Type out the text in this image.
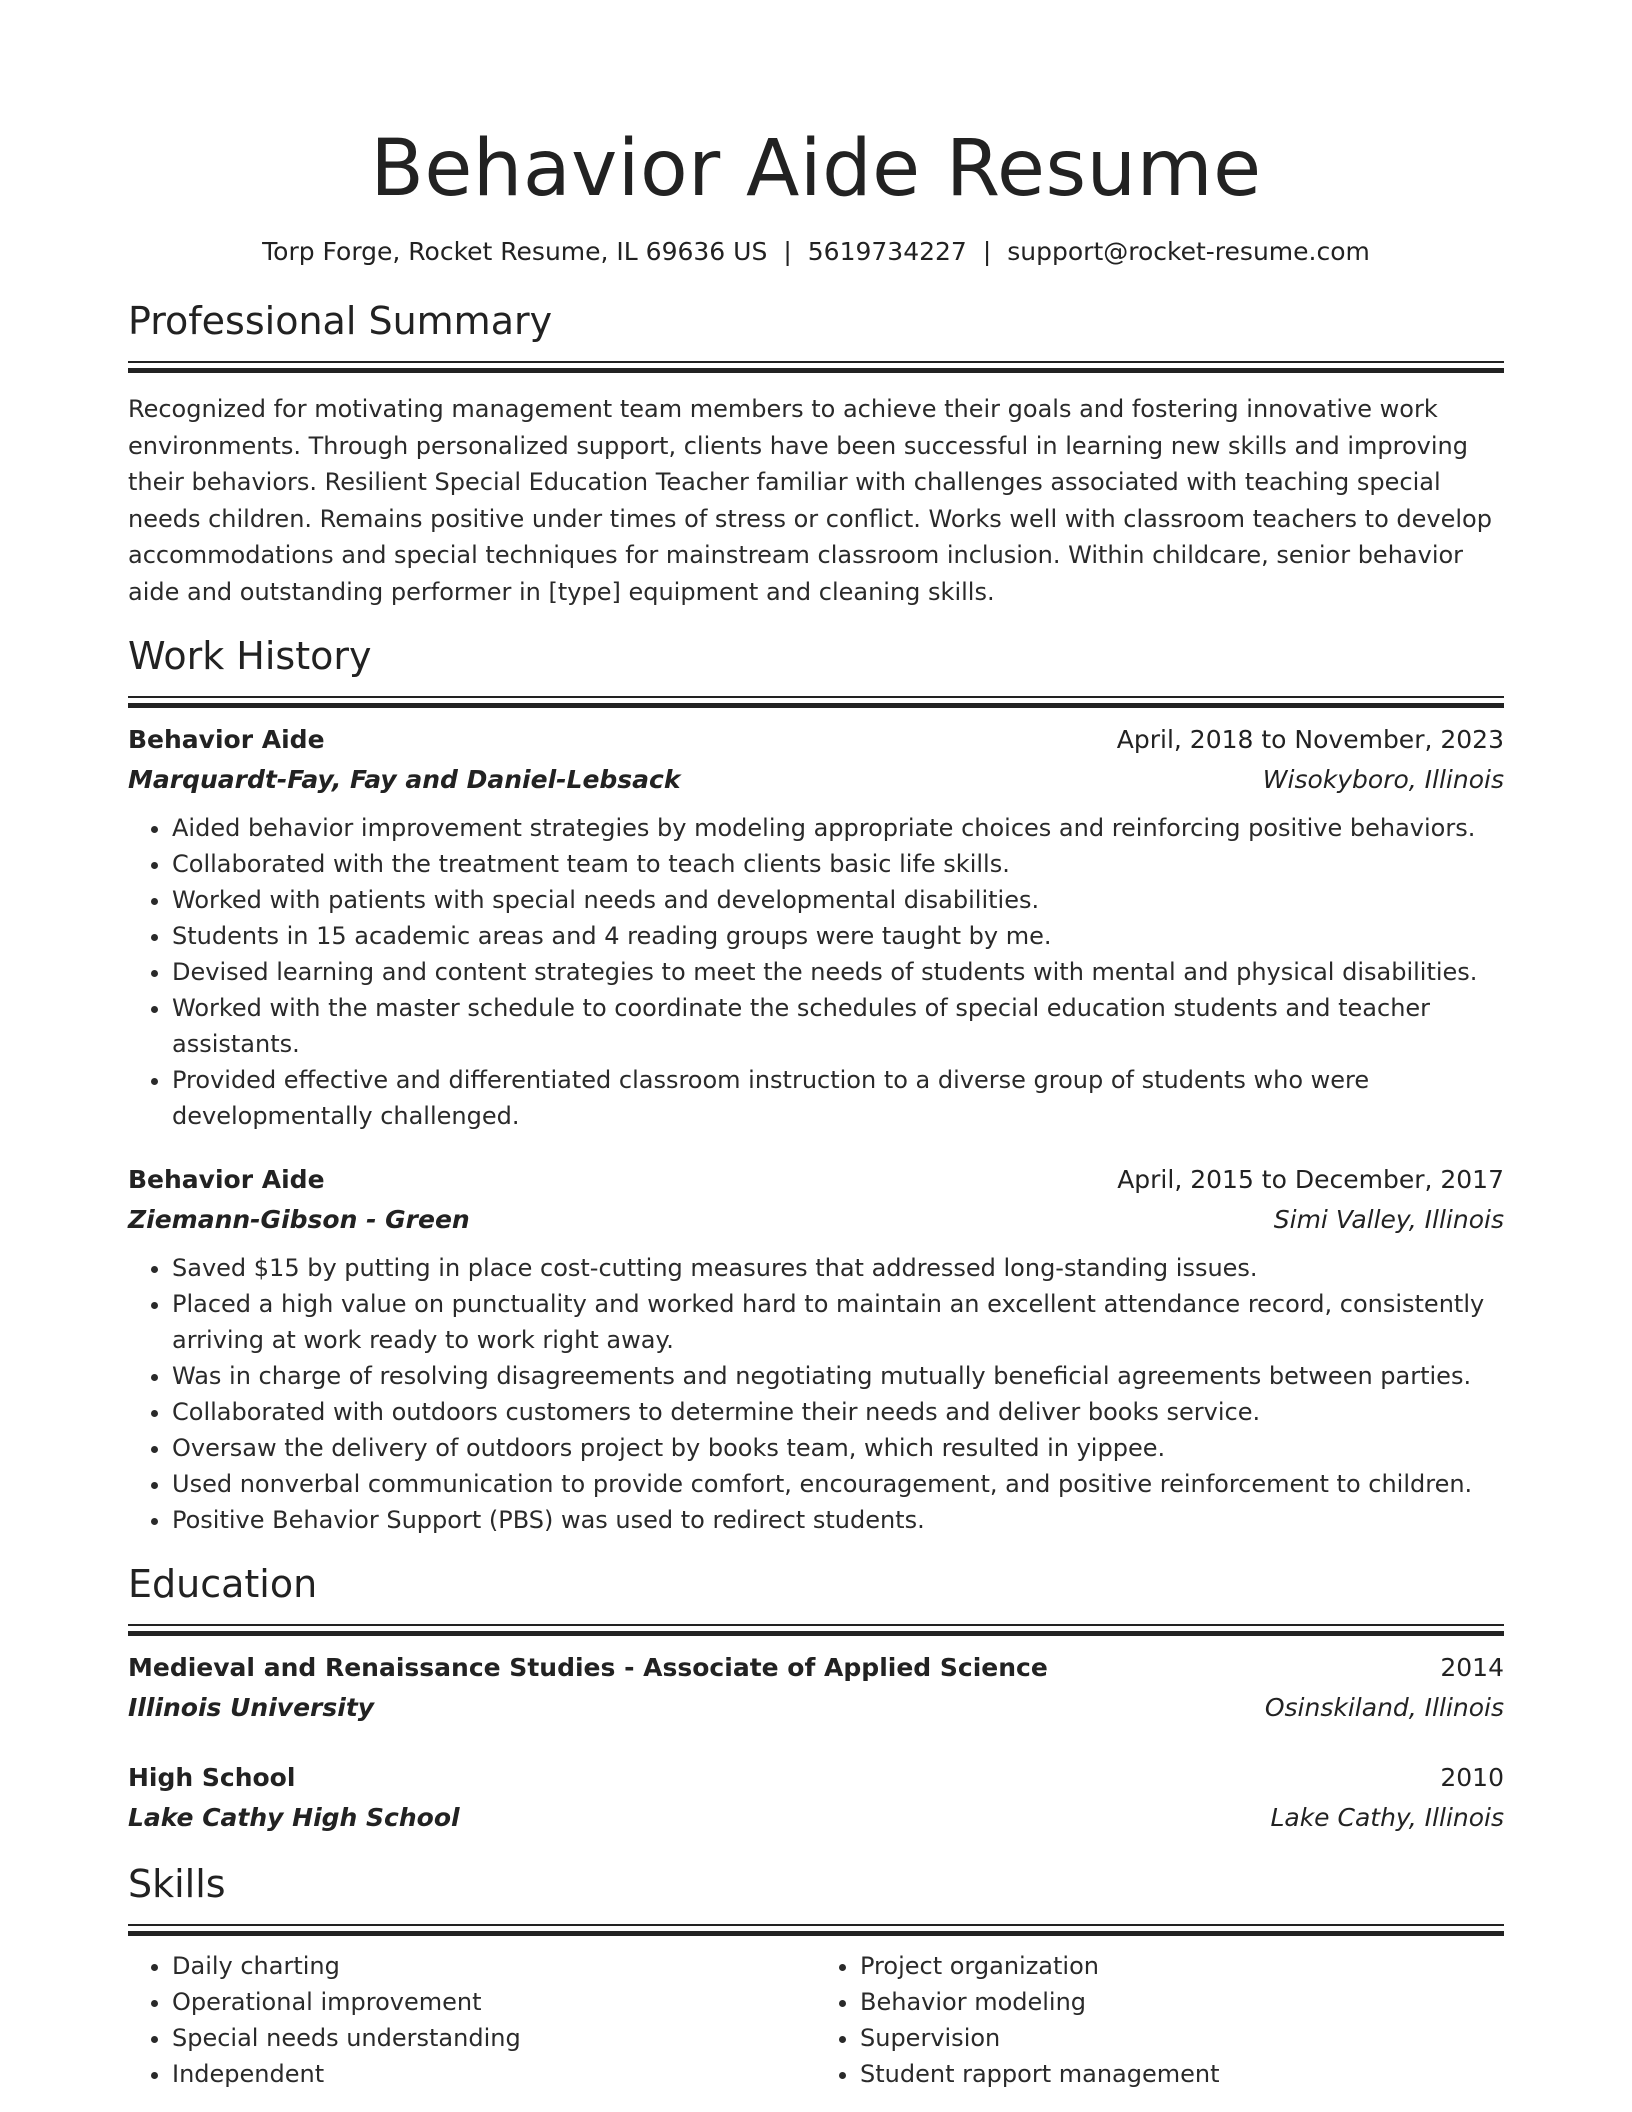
Behavior Aide Resume
Torp Forge, Rocket Resume, IL 69636 US | 5619734227 | support@rocket-resume.com
Professional Summary
Recognized for motivating management team members to achieve their goals and fostering innovative work environments. Through personalized support, clients have been successful in learning new skills and improving their behaviors. Resilient Special Education Teacher familiar with challenges associated with teaching special needs children. Remains positive under times of stress or conflict. Works well with classroom teachers to develop accommodations and special techniques for mainstream classroom inclusion. Within childcare, senior behavior aide and outstanding performer in [type] equipment and cleaning skills.
Work History
Behavior Aide	April, 2018 to November, 2023
Marquardt-Fay, Fay and Daniel-Lebsack	Wisokyboro, Illinois
• Aided behavior improvement strategies by modeling appropriate choices and reinforcing positive behaviors.
• Collaborated with the treatment team to teach clients basic life skills.
• Worked with patients with special needs and developmental disabilities.
• Students in 15 academic areas and 4 reading groups were taught by me.
• Devised learning and content strategies to meet the needs of students with mental and physical disabilities.
• Worked with the master schedule to coordinate the schedules of special education students and teacher assistants.
• Provided effective and differentiated classroom instruction to a diverse group of students who were developmentally challenged.
Behavior Aide	April, 2015 to December, 2017
Ziemann-Gibson - Green	Simi Valley, Illinois
• Saved $15 by putting in place cost-cutting measures that addressed long-standing issues.
• Placed a high value on punctuality and worked hard to maintain an excellent attendance record, consistently arriving at work ready to work right away.
• Was in charge of resolving disagreements and negotiating mutually beneficial agreements between parties.
• Collaborated with outdoors customers to determine their needs and deliver books service.
• Oversaw the delivery of outdoors project by books team, which resulted in yippee.
• Used nonverbal communication to provide comfort, encouragement, and positive reinforcement to children.
• Positive Behavior Support (PBS) was used to redirect students.
Education
Medieval and Renaissance Studies - Associate of Applied Science	2014
Illinois University	Osinskiland, Illinois
High School	2010
Lake Cathy High School	Lake Cathy, Illinois
Skills
• Daily charting
• Operational improvement
• Special needs understanding
• Independent
• Project organization
• Behavior modeling
• Supervision
• Student rapport management
